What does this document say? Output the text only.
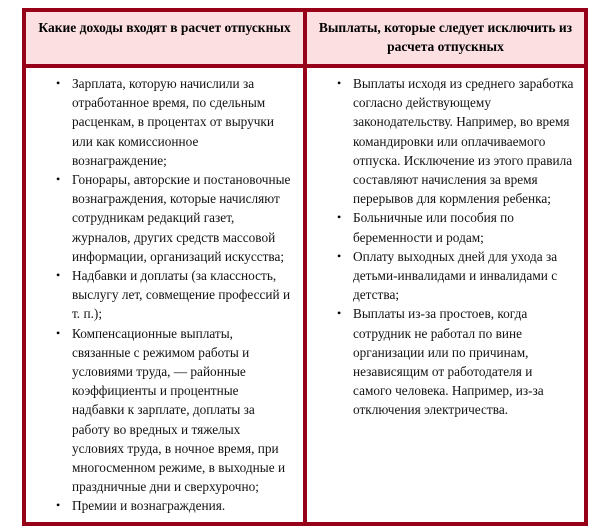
Какие доходы входят в расчет отпускных	Выплаты, которые следует исключить из расчета отпускных

• Зарплата, которую начислили за отработанное время, по сдельным расценкам, в процентах от выручки или как комиссионное вознаграждение;
• Гонорары, авторские и постановочные вознаграждения, которые начисляют сотрудникам редакций газет, журналов, других средств массовой информации, организаций искусства;
• Надбавки и доплаты (за классность, выслугу лет, совмещение профессий и т. п.);
• Компенсационные выплаты, связанные с режимом работы и условиями труда, — районные коэффициенты и процентные надбавки к зарплате, доплаты за работу во вредных и тяжелых условиях труда, в ночное время, при многосменном режиме, в выходные и праздничные дни и сверхурочно;
• Премии и вознаграждения.

• Выплаты исходя из среднего заработка согласно действующему законодательству. Например, во время командировки или оплачиваемого отпуска. Исключение из этого правила составляют начисления за время перерывов для кормления ребенка;
• Больничные или пособия по беременности и родам;
• Оплату выходных дней для ухода за детьми-инвалидами и инвалидами с детства;
• Выплаты из-за простоев, когда сотрудник не работал по вине организации или по причинам, независящим от работодателя и самого человека. Например, из-за отключения электричества.
